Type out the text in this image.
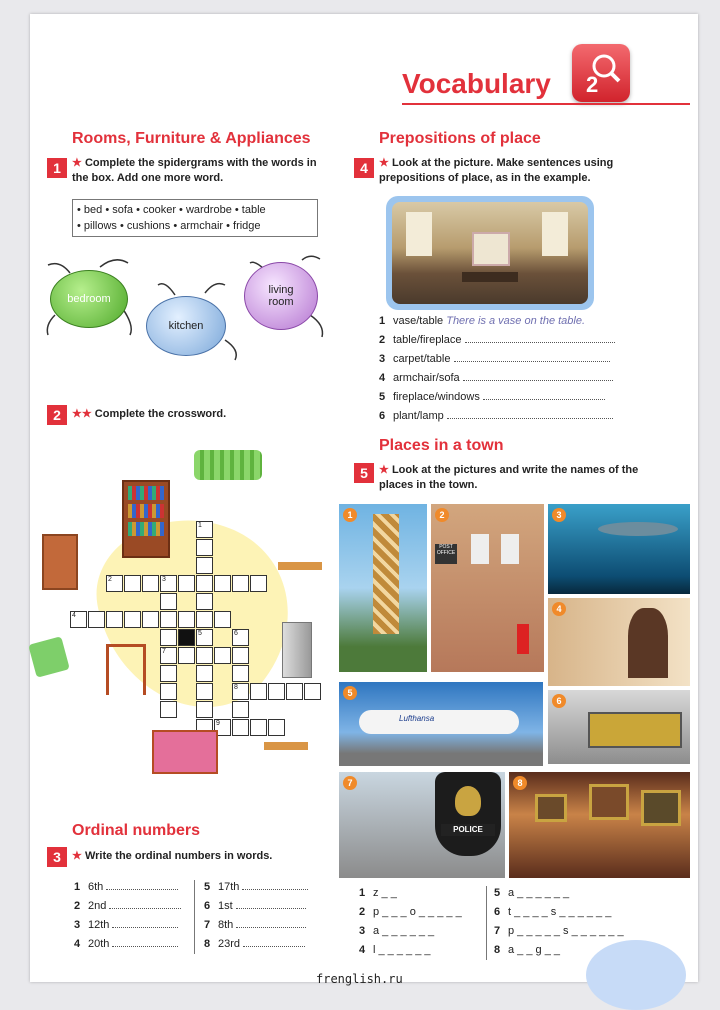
Vocabulary 2
Rooms, Furniture & Appliances
1	★ Complete the spidergrams with the words in the box. Add one more word.
• bed • sofa • cooker • wardrobe • table
• pillows • cushions • armchair • fridge
bedroom
kitchen
living room
2	★★ Complete the crossword.
1
2	3
7
4
5	6
8
9
Ordinal numbers
3	★ Write the ordinal numbers in words.
1 6th
2 2nd
3 12th
4 20th
5 17th
6 1st
7 8th
8 23rd
Prepositions of place
4	★ Look at the picture. Make sentences using prepositions of place, as in the example.
1 vase/table There is a vase on the table.
2 table/fireplace
3 carpet/table
4 armchair/sofa
5 fireplace/windows
6 plant/lamp
Places in a town
5	★ Look at the pictures and write the names of the places in the town.
1
POST OFFICE
2	3
4
Lufthansa
5
6
POLICE
7	8
1 z _ _
2 p _ _ _ o _ _ _ _ _
3 a _ _ _ _ _ _
4 l _ _ _ _ _ _
5 a _ _ _ _ _ _
6 t _ _ _ _ s _ _ _ _ _ _
7 p _ _ _ _ _ s _ _ _ _ _ _
8 a _ _ g _ _
frenglish.ru
